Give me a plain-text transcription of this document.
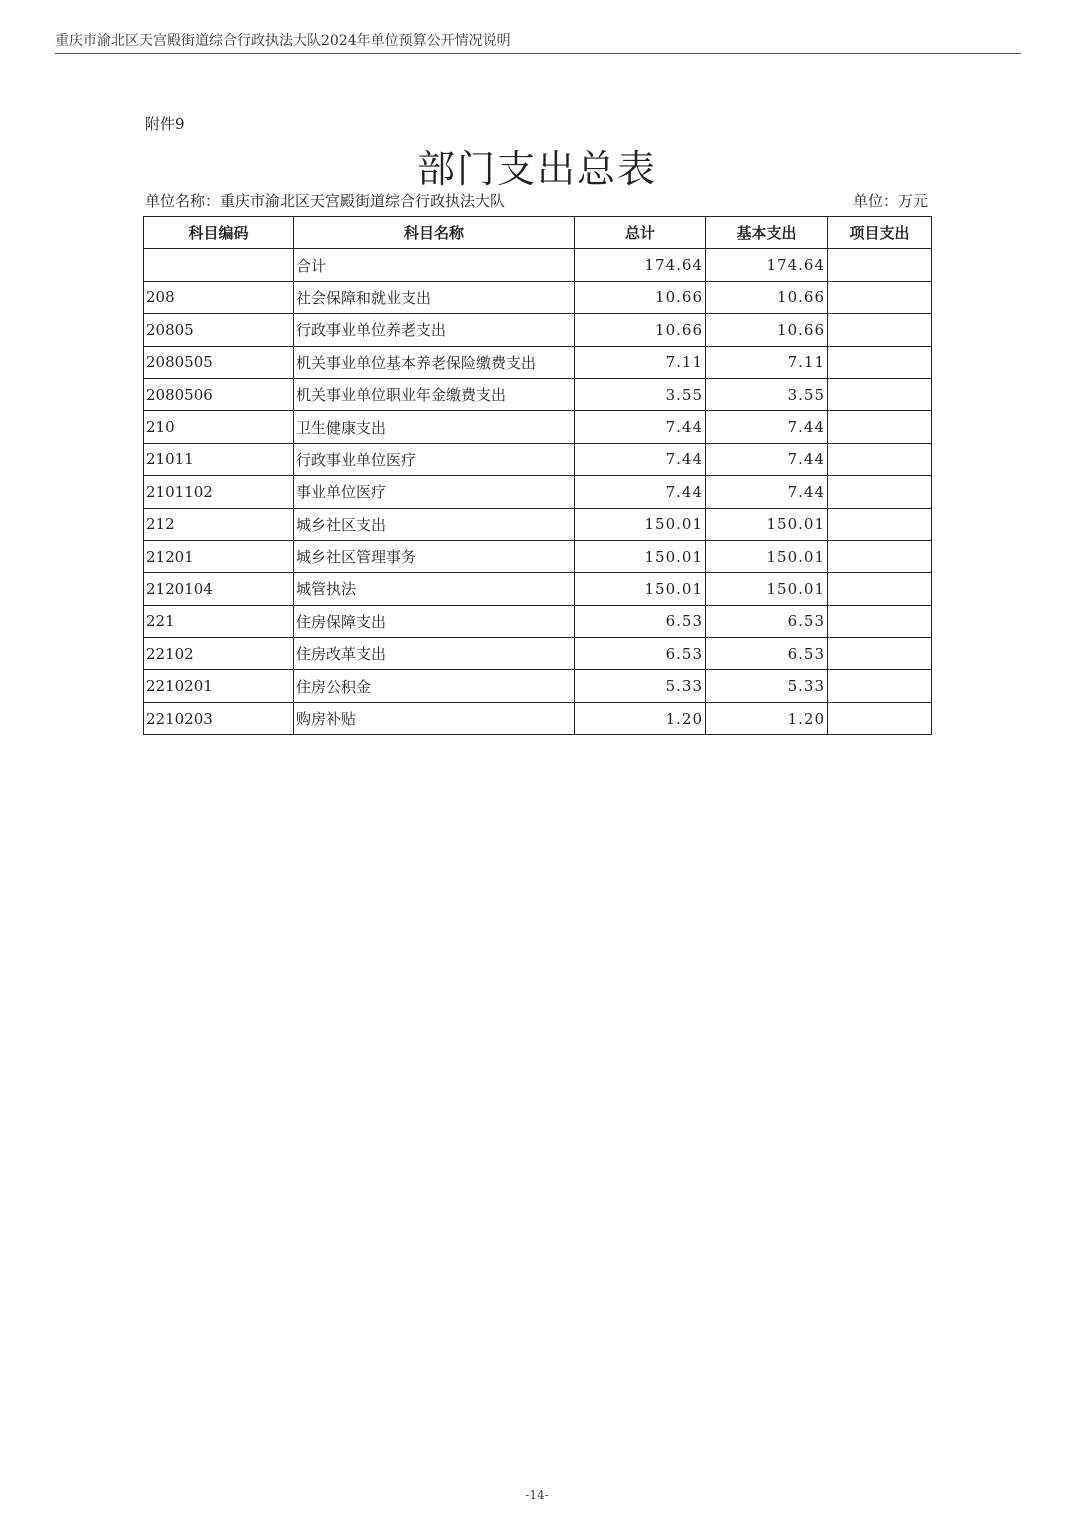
重庆市渝北区天宫殿街道综合行政执法大队2024年单位预算公开情况说明
附件9
部门支出总表
单位名称：重庆市渝北区天宫殿街道综合行政执法大队	单位：万元
科目编码	科目名称	总计	基本支出	项目支出
	合计	174.64	174.64	
208	社会保障和就业支出	10.66	10.66	
20805	行政事业单位养老支出	10.66	10.66	
2080505	机关事业单位基本养老保险缴费支出	7.11	7.11	
2080506	机关事业单位职业年金缴费支出	3.55	3.55	
210	卫生健康支出	7.44	7.44	
21011	行政事业单位医疗	7.44	7.44	
2101102	事业单位医疗	7.44	7.44	
212	城乡社区支出	150.01	150.01	
21201	城乡社区管理事务	150.01	150.01	
2120104	城管执法	150.01	150.01	
221	住房保障支出	6.53	6.53	
22102	住房改革支出	6.53	6.53	
2210201	住房公积金	5.33	5.33	
2210203	购房补贴	1.20	1.20	
-14-
